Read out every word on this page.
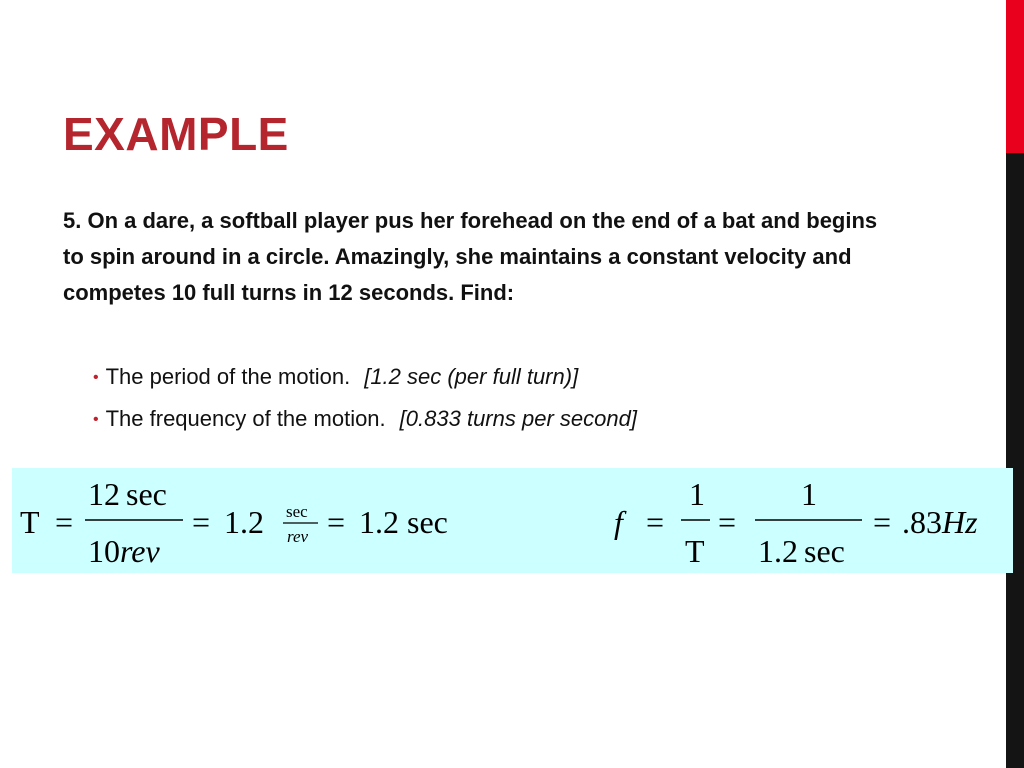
EXAMPLE

5. On a dare, a softball player pus her forehead on the end of a bat and begins to spin around in a circle. Amazingly, she maintains a constant velocity and competes 10 full turns in 12 seconds. Find:

• The period of the motion. [1.2 sec (per full turn)]
• The frequency of the motion. [0.833 turns per second]
T =
12 sec
10rev
= 1.2 sec
rev = 1.2 sec	f =
1
T
=
1
1.2 sec
= .83Hz
